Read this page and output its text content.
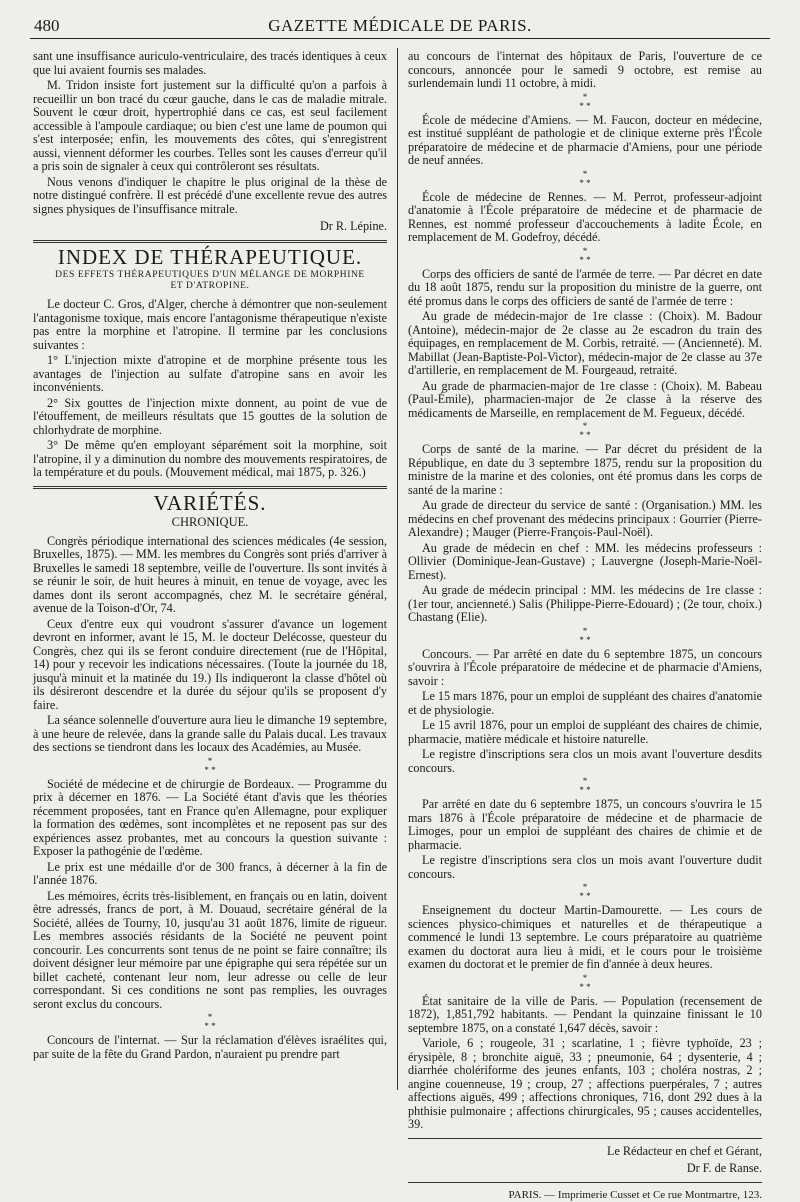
480	GAZETTE MÉDICALE DE PARIS.

sant une insuffisance auriculo-ventriculaire, des tracés identiques à ceux que lui avaient fournis ses malades.

M. Tridon insiste fort justement sur la difficulté qu'on a parfois à recueillir un bon tracé du cœur gauche, dans le cas de maladie mitrale. Souvent le cœur droit, hypertrophié dans ce cas, est seul facilement accessible à l'ampoule cardiaque; ou bien c'est une lame de poumon qui s'est interposée; enfin, les mouvements des côtes, qui s'enregistrent aussi, viennent déformer les courbes. Telles sont les causes d'erreur qu'il a pris soin de signaler à ceux qui contrôleront ses résultats.

Nous venons d'indiquer le chapitre le plus original de la thèse de notre distingué confrère. Il est précédé d'une excellente revue des autres signes physiques de l'insuffisance mitrale.

Dr R. Lépine.
INDEX DE THÉRAPEUTIQUE.
DES EFFETS THÉRAPEUTIQUES D'UN MÉLANGE DE MORPHINE ET D'ATROPINE.

Le docteur C. Gros, d'Alger, cherche à démontrer que non-seulement l'antagonisme toxique, mais encore l'antagonisme thérapeutique n'existe pas entre la morphine et l'atropine. Il termine par les conclusions suivantes :

1° L'injection mixte d'atropine et de morphine présente tous les avantages de l'injection au sulfate d'atropine sans en avoir les inconvénients.

2° Six gouttes de l'injection mixte donnent, au point de vue de l'étouffement, de meilleurs résultats que 15 gouttes de la solution de chlorhydrate de morphine.

3° De même qu'en employant séparément soit la morphine, soit l'atropine, il y a diminution du nombre des mouvements respiratoires, de la température et du pouls. (Mouvement médical, mai 1875, p. 326.)

VARIÉTÉS.
CHRONIQUE.

Congrès périodique international des sciences médicales (4e session, Bruxelles, 1875). — MM. les membres du Congrès sont priés d'arriver à Bruxelles le samedi 18 septembre, veille de l'ouverture. Ils sont invités à se réunir le soir, de huit heures à minuit, en tenue de voyage, avec les dames dont ils seront accompagnés, chez M. le secrétaire général, avenue de la Toison-d'Or, 74.

Ceux d'entre eux qui voudront s'assurer d'avance un logement devront en informer, avant le 15, M. le docteur Delécosse, questeur du Congrès, chez qui ils se feront conduire directement (rue de l'Hôpital, 14) pour y recevoir les indications nécessaires. (Toute la journée du 18, jusqu'à minuit et la matinée du 19.) Ils indiqueront la classe d'hôtel où ils désireront descendre et la durée du séjour qu'ils se proposent d'y faire.

La séance solennelle d'ouverture aura lieu le dimanche 19 septembre, à une heure de relevée, dans la grande salle du Palais ducal. Les travaux des sections se tiendront dans les locaux des Académies, au Musée.

*
* *

Société de médecine et de chirurgie de Bordeaux. — Programme du prix à décerner en 1876. — La Société étant d'avis que les théories récemment proposées, tant en France qu'en Allemagne, pour expliquer la formation des œdèmes, sont incomplètes et ne reposent pas sur des expériences assez probantes, met au concours la question suivante : Exposer la pathogénie de l'œdème.

Le prix est une médaille d'or de 300 francs, à décerner à la fin de l'année 1876.

Les mémoires, écrits très-lisiblement, en français ou en latin, doivent être adressés, francs de port, à M. Douaud, secrétaire général de la Société, allées de Tourny, 10, jusqu'au 31 août 1876, limite de rigueur. Les membres associés résidants de la Société ne peuvent point concourir. Les concurrents sont tenus de ne point se faire connaître; ils doivent désigner leur mémoire par une épigraphe qui sera répétée sur un billet cacheté, contenant leur nom, leur adresse ou celle de leur correspondant. Si ces conditions ne sont pas remplies, les ouvrages seront exclus du concours.

*
* *

Concours de l'internat. — Sur la réclamation d'élèves israélites qui, par suite de la fête du Grand Pardon, n'auraient pu prendre part

au concours de l'internat des hôpitaux de Paris, l'ouverture de ce concours, annoncée pour le samedi 9 octobre, est remise au surlendemain lundi 11 octobre, à midi.

*
* *

École de médecine d'Amiens. — M. Faucon, docteur en médecine, est institué suppléant de pathologie et de clinique externe près l'École préparatoire de médecine et de pharmacie d'Amiens, pour une période de neuf années.

*
* *

École de médecine de Rennes. — M. Perrot, professeur-adjoint d'anatomie à l'École préparatoire de médecine et de pharmacie de Rennes, est nommé professeur d'accouchements à ladite École, en remplacement de M. Godefroy, décédé.

*
* *

Corps des officiers de santé de l'armée de terre. — Par décret en date du 18 août 1875, rendu sur la proposition du ministre de la guerre, ont été promus dans le corps des officiers de santé de l'armée de terre :

Au grade de médecin-major de 1re classe : (Choix). M. Badour (Antoine), médecin-major de 2e classe au 2e escadron du train des équipages, en remplacement de M. Corbis, retraité. — (Ancienneté). M. Mabillat (Jean-Baptiste-Pol-Victor), médecin-major de 2e classe au 37e d'artillerie, en remplacement de M. Fourgeaud, retraité.

Au grade de pharmacien-major de 1re classe : (Choix). M. Babeau (Paul-Émile), pharmacien-major de 2e classe à la réserve des médicaments de Marseille, en remplacement de M. Fegueux, décédé.

*
* *

Corps de santé de la marine. — Par décret du président de la République, en date du 3 septembre 1875, rendu sur la proposition du ministre de la marine et des colonies, ont été promus dans les corps de santé de la marine :

Au grade de directeur du service de santé : (Organisation.) MM. les médecins en chef provenant des médecins principaux : Gourrier (Pierre-Alexandre) ; Mauger (Pierre-François-Paul-Noël).

Au grade de médecin en chef : MM. les médecins professeurs : Ollivier (Dominique-Jean-Gustave) ; Lauvergne (Joseph-Marie-Noël-Ernest).

Au grade de médecin principal : MM. les médecins de 1re classe : (1er tour, ancienneté.) Salis (Philippe-Pierre-Edouard) ; (2e tour, choix.) Chastang (Elie).

*
* *

Concours. — Par arrêté en date du 6 septembre 1875, un concours s'ouvrira à l'École préparatoire de médecine et de pharmacie d'Amiens, savoir :

Le 15 mars 1876, pour un emploi de suppléant des chaires d'anatomie et de physiologie.

Le 15 avril 1876, pour un emploi de suppléant des chaires de chimie, pharmacie, matière médicale et histoire naturelle.

Le registre d'inscriptions sera clos un mois avant l'ouverture desdits concours.

*
* *

Par arrêté en date du 6 septembre 1875, un concours s'ouvrira le 15 mars 1876 à l'École préparatoire de médecine et de pharmacie de Limoges, pour un emploi de suppléant des chaires de chimie et de pharmacie.

Le registre d'inscriptions sera clos un mois avant l'ouverture dudit concours.

*
* *

Enseignement du docteur Martin-Damourette. — Les cours de sciences physico-chimiques et naturelles et de thérapeutique a commencé le lundi 13 septembre. Le cours préparatoire au quatrième examen du doctorat aura lieu à midi, et le cours pour le troisième examen du doctorat et le premier de fin d'année à deux heures.

*
* *

État sanitaire de la ville de Paris. — Population (recensement de 1872), 1,851,792 habitants. — Pendant la quinzaine finissant le 10 septembre 1875, on a constaté 1,647 décès, savoir :

Variole, 6 ; rougeole, 31 ; scarlatine, 1 ; fièvre typhoïde, 23 ; érysipèle, 8 ; bronchite aiguë, 33 ; pneumonie, 64 ; dysenterie, 4 ; diarrhée cholériforme des jeunes enfants, 103 ; choléra nostras, 2 ; angine couenneuse, 19 ; croup, 27 ; affections puerpérales, 7 ; autres affections aiguës, 499 ; affections chroniques, 716, dont 292 dues à la phthisie pulmonaire ; affections chirurgicales, 95 ; causes accidentelles, 39.

Le Rédacteur en chef et Gérant,
Dr F. de Ranse.
PARIS. — Imprimerie Cusset et Ce rue Montmartre, 123.
